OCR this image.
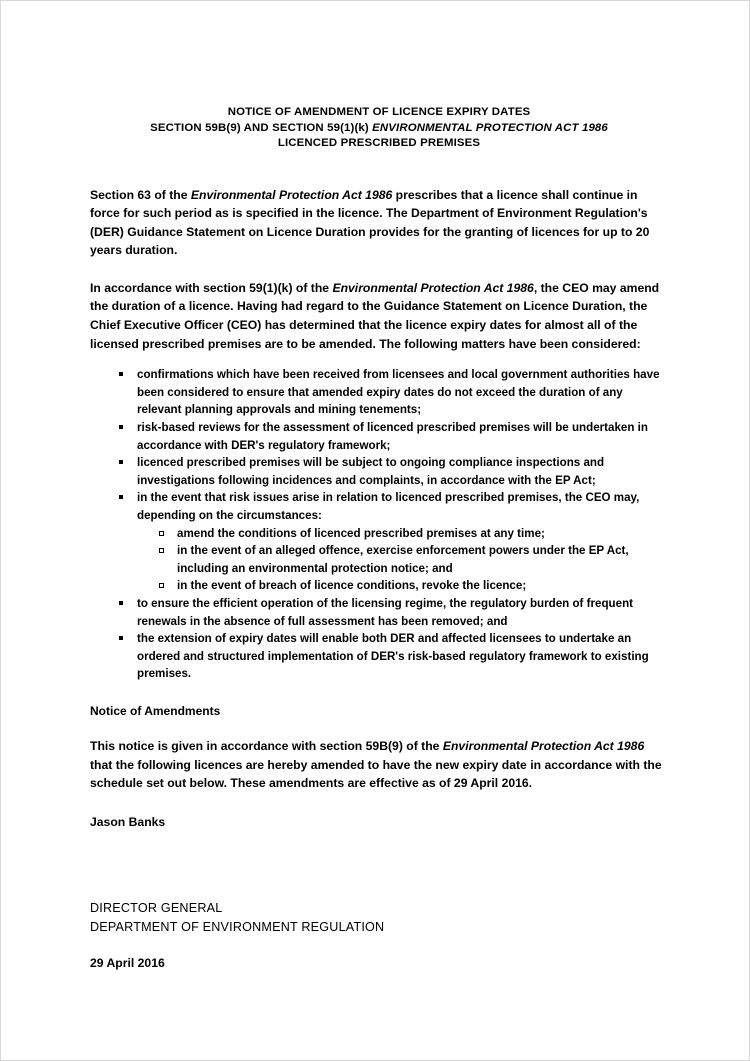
NOTICE OF AMENDMENT OF LICENCE EXPIRY DATES
SECTION 59B(9) AND SECTION 59(1)(k) ENVIRONMENTAL PROTECTION ACT 1986
LICENCED PRESCRIBED PREMISES

Section 63 of the Environmental Protection Act 1986 prescribes that a licence shall continue in force for such period as is specified in the licence. The Department of Environment Regulation's (DER) Guidance Statement on Licence Duration provides for the granting of licences for up to 20 years duration.

In accordance with section 59(1)(k) of the Environmental Protection Act 1986, the CEO may amend the duration of a licence. Having had regard to the Guidance Statement on Licence Duration, the Chief Executive Officer (CEO) has determined that the licence expiry dates for almost all of the licensed prescribed premises are to be amended. The following matters have been considered:

confirmations which have been received from licensees and local government authorities have been considered to ensure that amended expiry dates do not exceed the duration of any relevant planning approvals and mining tenements;
risk-based reviews for the assessment of licenced prescribed premises will be undertaken in accordance with DER's regulatory framework;
licenced prescribed premises will be subject to ongoing compliance inspections and investigations following incidences and complaints, in accordance with the EP Act;
in the event that risk issues arise in relation to licenced prescribed premises, the CEO may, depending on the circumstances:
amend the conditions of licenced prescribed premises at any time;
in the event of an alleged offence, exercise enforcement powers under the EP Act, including an environmental protection notice; and
in the event of breach of licence conditions, revoke the licence;
to ensure the efficient operation of the licensing regime, the regulatory burden of frequent renewals in the absence of full assessment has been removed; and
the extension of expiry dates will enable both DER and affected licensees to undertake an ordered and structured implementation of DER's risk-based regulatory framework to existing premises.
Notice of Amendments

This notice is given in accordance with section 59B(9) of the Environmental Protection Act 1986 that the following licences are hereby amended to have the new expiry date in accordance with the schedule set out below. These amendments are effective as of 29 April 2016.

Jason Banks
DIRECTOR GENERAL
DEPARTMENT OF ENVIRONMENT REGULATION
29 April 2016
